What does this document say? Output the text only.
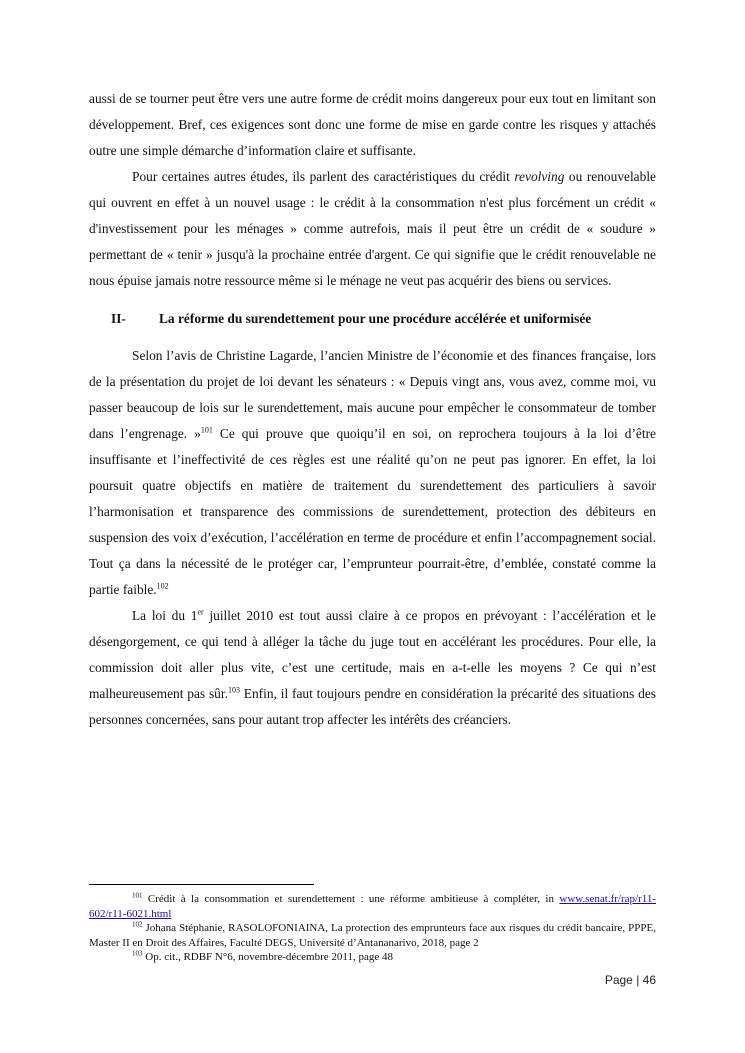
aussi de se tourner peut être vers une autre forme de crédit moins dangereux pour eux tout en limitant son développement. Bref, ces exigences sont donc une forme de mise en garde contre les risques y attachés outre une simple démarche d’information claire et suffisante.

Pour certaines autres études, ils parlent des caractéristiques du crédit revolving ou renouvelable qui ouvrent en effet à un nouvel usage : le crédit à la consommation n'est plus forcément un crédit « d'investissement pour les ménages » comme autrefois, mais il peut être un crédit de « soudure » permettant de « tenir » jusqu'à la prochaine entrée d'argent. Ce qui signifie que le crédit renouvelable ne nous épuise jamais notre ressource même si le ménage ne veut pas acquérir des biens ou services.

II-	La réforme du surendettement pour une procédure accélérée et uniformisée

Selon l’avis de Christine Lagarde, l’ancien Ministre de l’économie et des finances française, lors de la présentation du projet de loi devant les sénateurs : « Depuis vingt ans, vous avez, comme moi, vu passer beaucoup de lois sur le surendettement, mais aucune pour empêcher le consommateur de tomber dans l’engrenage. »$^{101}$ Ce qui prouve que quoiqu’il en soi, on reprochera toujours à la loi d’être insuffisante et l’ineffectivité de ces règles est une réalité qu’on ne peut pas ignorer. En effet, la loi poursuit quatre objectifs en matière de traitement du surendettement des particuliers à savoir l’harmonisation et transparence des commissions de surendettement, protection des débiteurs en suspension des voix d’exécution, l’accélération en terme de procédure et enfin l’accompagnement social. Tout ça dans la nécessité de le protéger car, l’emprunteur pourrait-être, d’emblée, constaté comme la partie faible.$^{102}$

La loi du 1er juillet 2010 est tout aussi claire à ce propos en prévoyant : l’accélération et le désengorgement, ce qui tend à alléger la tâche du juge tout en accélérant les procédures. Pour elle, la commission doit aller plus vite, c’est une certitude, mais en a-t-elle les moyens ? Ce qui n’est malheureusement pas sûr.$^{103}$ Enfin, il faut toujours pendre en considération la précarité des situations des personnes concernées, sans pour autant trop affecter les intérêts des créanciers.

$^{101}$ Crédit à la consommation et surendettement : une réforme ambitieuse à compléter, in www.senat.fr/rap/r11-602/r11-6021.html

$^{102}$ Johana Stéphanie, RASOLOFONIAINA, La protection des emprunteurs face aux risques du crédit bancaire, PPPE, Master II en Droit des Affaires, Faculté DEGS, Université d’Antananarivo, 2018, page 2

$^{103}$ Op. cit., RDBF N°6, novembre-décembre 2011, page 48

Page | 46
